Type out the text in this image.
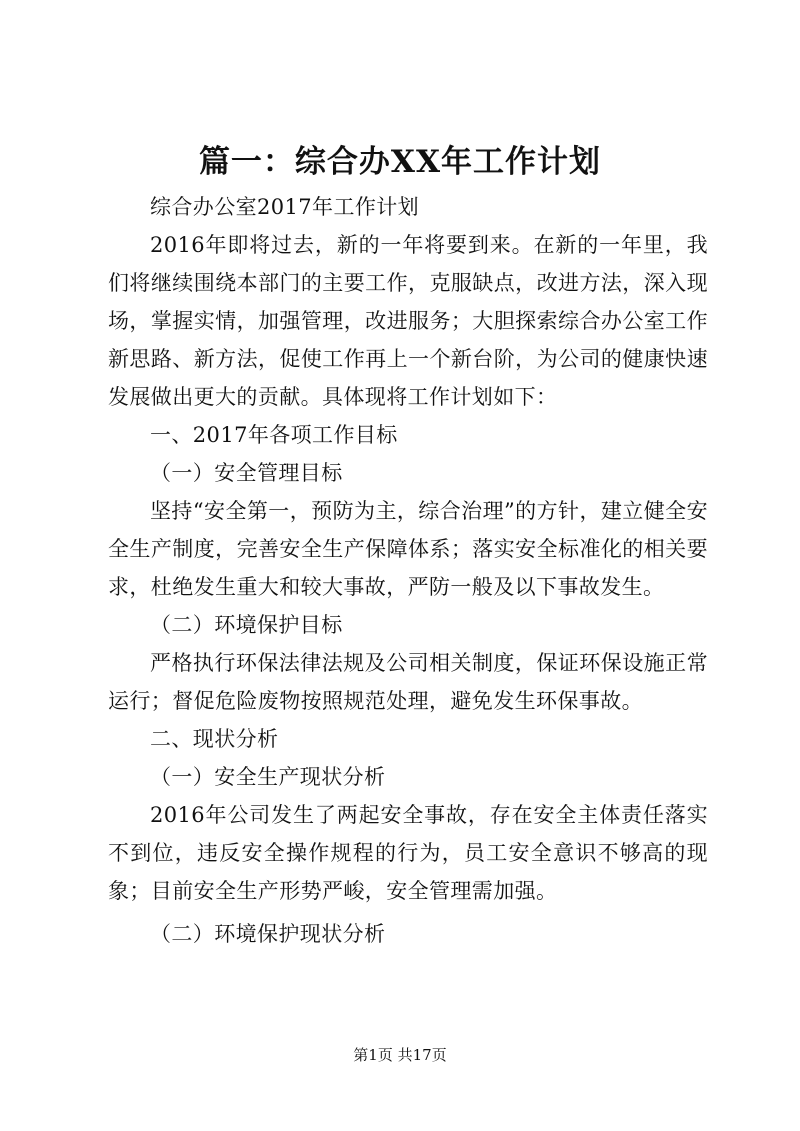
篇一：综合办XX年工作计划

综合办公室2017年工作计划

2016年即将过去，新的一年将要到来。在新的一年里，我们将继续围绕本部门的主要工作，克服缺点，改进方法，深入现场，掌握实情，加强管理，改进服务；大胆探索综合办公室工作新思路、新方法，促使工作再上一个新台阶，为公司的健康快速发展做出更大的贡献。具体现将工作计划如下：

一、2017年各项工作目标

（一）安全管理目标

坚持“安全第一，预防为主，综合治理”的方针，建立健全安全生产制度，完善安全生产保障体系；落实安全标准化的相关要求，杜绝发生重大和较大事故，严防一般及以下事故发生。

（二）环境保护目标

严格执行环保法律法规及公司相关制度，保证环保设施正常运行；督促危险废物按照规范处理，避免发生环保事故。

二、现状分析

（一）安全生产现状分析

2016年公司发生了两起安全事故，存在安全主体责任落实不到位，违反安全操作规程的行为，员工安全意识不够高的现象；目前安全生产形势严峻，安全管理需加强。

（二）环境保护现状分析

第1页 共17页
